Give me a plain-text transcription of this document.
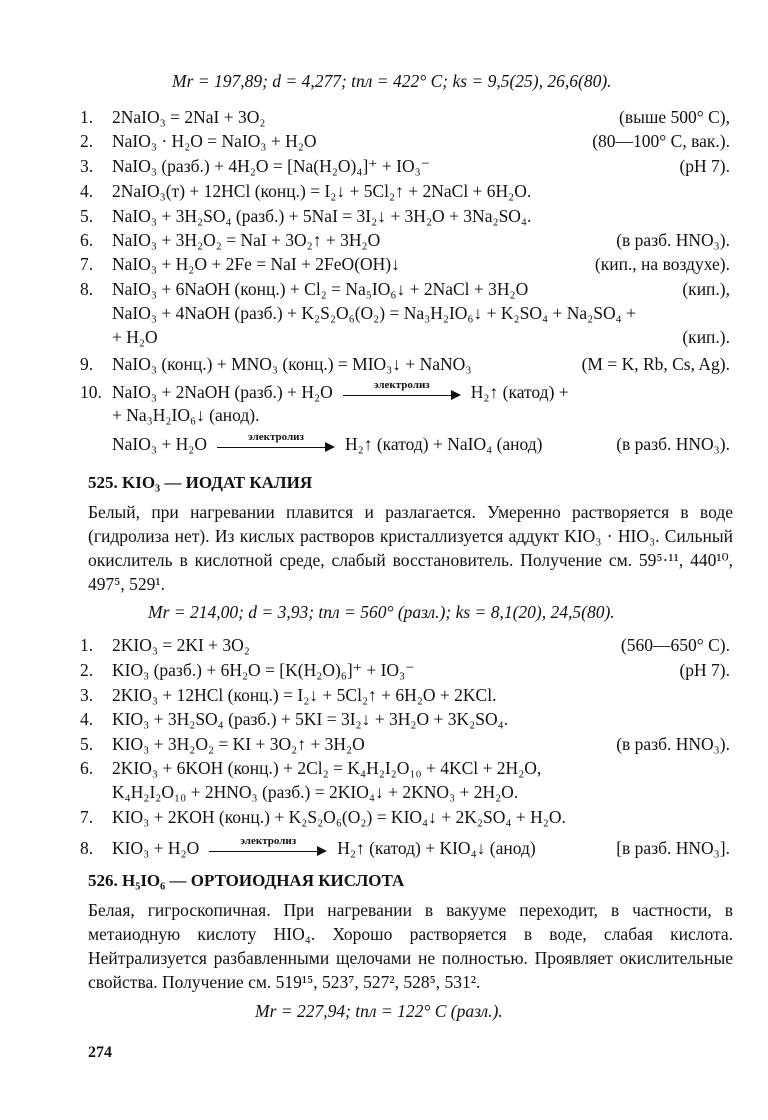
Mr = 197,89; d = 4,277; tпл = 422° C; ks = 9,5(25), 26,6(80).
1.	2NaIO₃ = 2NaI + 3O₂	(выше 500° C),
2.	NaIO₃ · H₂O = NaIO₃ + H₂O	(80—100° C, вак.).
3.	NaIO₃ (разб.) + 4H₂O = [Na(H₂O)₄]⁺ + IO₃⁻	(pH 7).
4.	2NaIO₃(т) + 12HCl (конц.) = I₂↓ + 5Cl₂↑ + 2NaCl + 6H₂O.
5.	NaIO₃ + 3H₂SO₄ (разб.) + 5NaI = 3I₂↓ + 3H₂O + 3Na₂SO₄.
6.	NaIO₃ + 3H₂O₂ = NaI + 3O₂↑ + 3H₂O	(в разб. HNO₃).
7.	NaIO₃ + H₂O + 2Fe = NaI + 2FeO(OH)↓	(кип., на воздухе).
8.	NaIO₃ + 6NaOH (конц.) + Cl₂ = Na₅IO₆↓ + 2NaCl + 3H₂O	(кип.),
NaIO₃ + 4NaOH (разб.) + K₂S₂O₆(O₂) = Na₃H₂IO₆↓ + K₂SO₄ + Na₂SO₄ +
+ H₂O	(кип.).
9.	NaIO₃ (конц.) + MNO₃ (конц.) = MIO₃↓ + NaNO₃	(M = K, Rb, Cs, Ag).
10. NaIO₃ + 2NaOH (разб.) + H₂O	электролиз	H₂↑ (катод) +
+ Na₃H₂IO₆↓ (анод).
NaIO₃ + H₂O	электролиз	H₂↑ (катод) + NaIO₄ (анод)	(в разб. HNO₃).
525. KIO₃ — ИОДАТ КАЛИЯ
Белый, при нагревании плавится и разлагается. Умеренно растворяется в воде (гидролиза нет). Из кислых растворов кристаллизуется аддукт KIO₃ · HIO₃. Сильный окислитель в кислотной среде, слабый восстановитель. Получение см. 59⁵·¹¹, 440¹⁰, 497⁵, 529¹.
Mr = 214,00; d = 3,93; tпл = 560° (разл.); ks = 8,1(20), 24,5(80).
1.	2KIO₃ = 2KI + 3O₂	(560—650° C).
2.	KIO₃ (разб.) + 6H₂O = [K(H₂O)₆]⁺ + IO₃⁻	(pH 7).
3.	2KIO₃ + 12HCl (конц.) = I₂↓ + 5Cl₂↑ + 6H₂O + 2KCl.
4.	KIO₃ + 3H₂SO₄ (разб.) + 5KI = 3I₂↓ + 3H₂O + 3K₂SO₄.
5.	KIO₃ + 3H₂O₂ = KI + 3O₂↑ + 3H₂O	(в разб. HNO₃).
6.	2KIO₃ + 6KOH (конц.) + 2Cl₂ = K₄H₂I₂O₁₀ + 4KCl + 2H₂O,
K₄H₂I₂O₁₀ + 2HNO₃ (разб.) = 2KIO₄↓ + 2KNO₃ + 2H₂O.
7.	KIO₃ + 2KOH (конц.) + K₂S₂O₆(O₂) = KIO₄↓ + 2K₂SO₄ + H₂O.
8.	KIO₃ + H₂O	электролиз	H₂↑ (катод) + KIO₄↓ (анод)	[в разб. HNO₃].
526. H₅IO₆ — ОРТОИОДНАЯ КИСЛОТА
Белая, гигроскопичная. При нагревании в вакууме переходит, в частности, в метаиодную кислоту HIO₄. Хорошо растворяется в воде, слабая кислота. Нейтрализуется разбавленными щелочами не полностью. Проявляет окислительные свойства. Получение см. 519¹⁵, 523⁷, 527², 528⁵, 531².
Mr = 227,94; tпл = 122° C (разл.).
274
